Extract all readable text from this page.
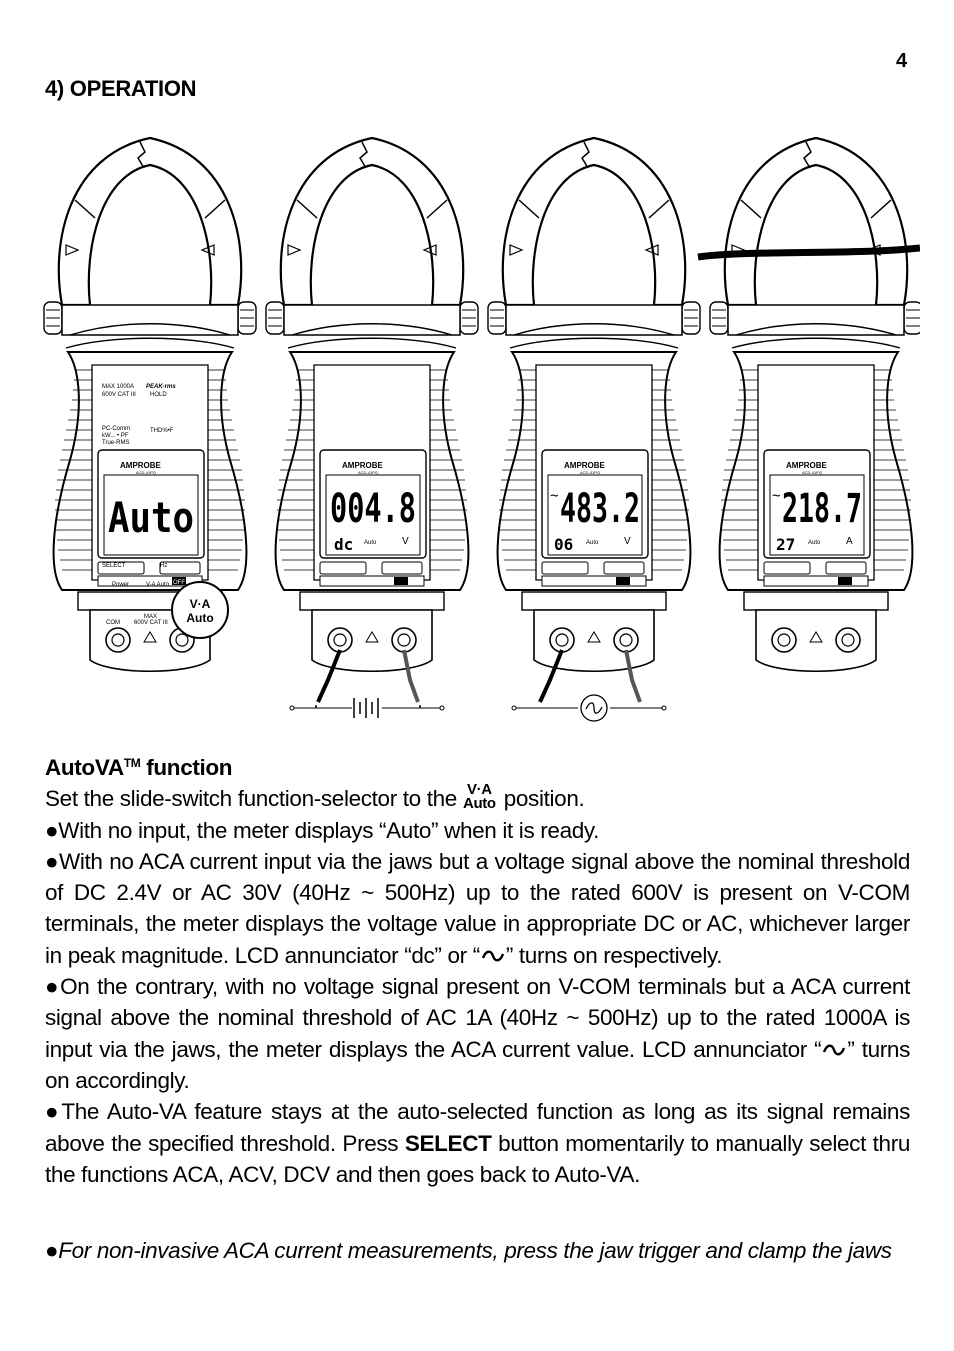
4
4) OPERATION
MAX 1000A
600V CAT III
PEAK-rms
HOLD
PC-Comm
kW... • PF
True-RMS
THD%•F
SELECT	Hz
Power	V-A Auto OFF
COM
MAX
600V CAT III
AMPROBE
ACD-41PQ
Auto
V·A
Auto
AMPROBE
ACD-41PQ
004.8
dc Auto	V
AMPROBE
ACD-41PQ
~ 483.2
06 Auto	V
AMPROBE
ACD-41PQ
~ 218.7
27 Auto	A

AutoVA™ function

Set the slide-switch function-selector to the V·A
Auto position.

●With no input, the meter displays “Auto” when it is ready.

●With no ACA current input via the jaws but a voltage signal above the nominal threshold of DC 2.4V or AC 30V (40Hz ~ 500Hz) up to the rated 600V is present on V-COM terminals, the meter displays the voltage value in appropriate DC or AC, whichever larger in peak magnitude. LCD annunciator “dc” or “ ” turns on respectively.

●On the contrary, with no voltage signal present on V-COM terminals but a ACA current signal above the nominal threshold of AC 1A (40Hz ~ 500Hz) up to the rated 1000A is input via the jaws, the meter displays the ACA current value. LCD annunciator “ ” turns on accordingly.

●The Auto-VA feature stays at the auto-selected function as long as its signal remains above the specified threshold. Press SELECT button momentarily to manually select thru the functions ACA, ACV, DCV and then goes back to Auto-VA.

●For non-invasive ACA current measurements, press the jaw trigger and clamp the jaws
